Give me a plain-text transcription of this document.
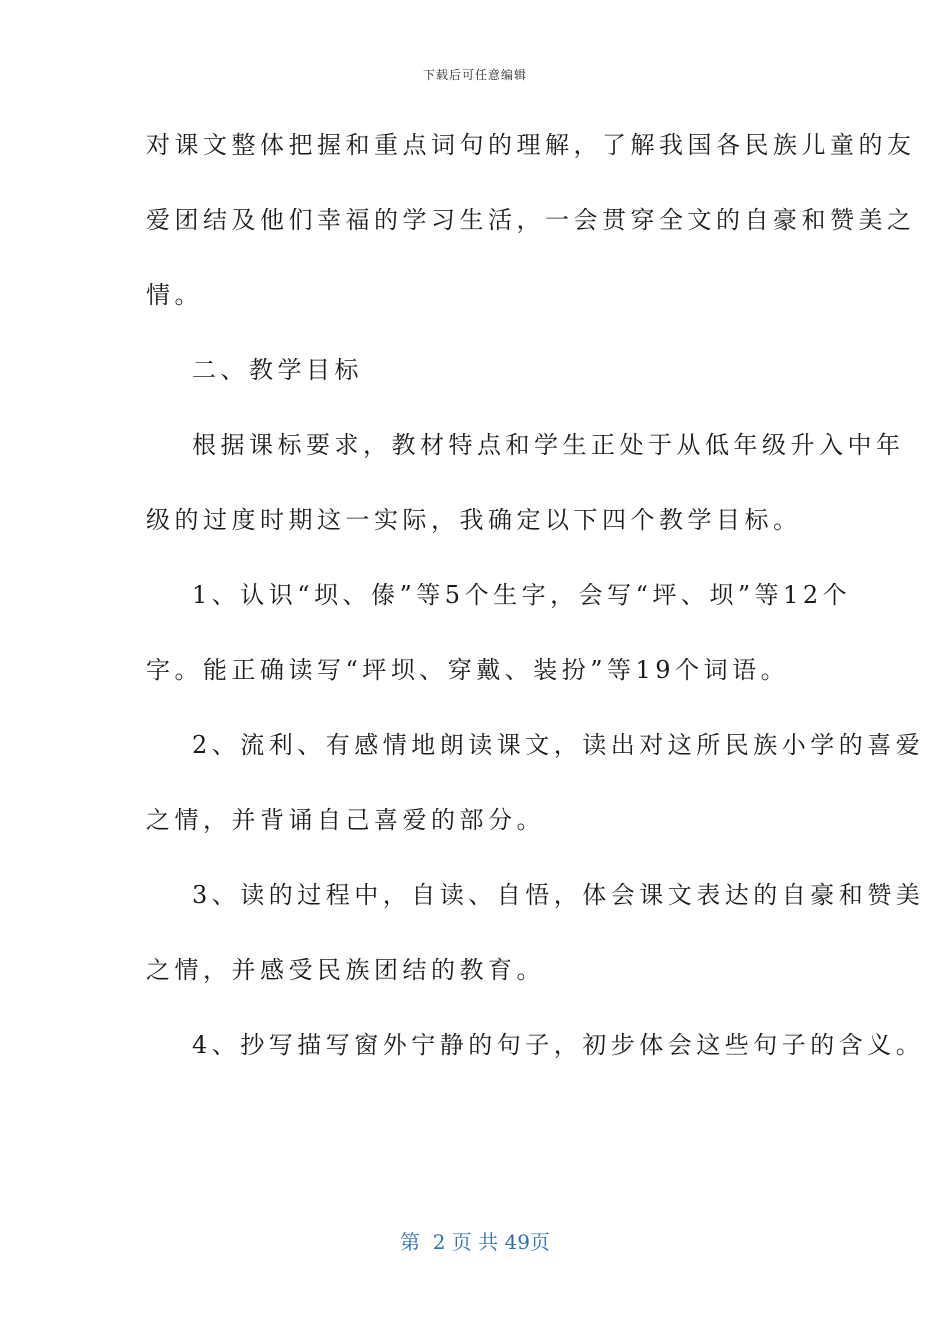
下载后可任意编辑
对课文整体把握和重点词句的理解，了解我国各民族儿童的友
爱团结及他们幸福的学习生活，一会贯穿全文的自豪和赞美之
情。
二、教学目标
根据课标要求，教材特点和学生正处于从低年级升入中年
级的过度时期这一实际，我确定以下四个教学目标。
1、认识“坝、傣”等5个生字，会写“坪、坝”等12个
字。能正确读写“坪坝、穿戴、装扮”等19个词语。
2、流利、有感情地朗读课文，读出对这所民族小学的喜爱
之情，并背诵自己喜爱的部分。
3、读的过程中，自读、自悟，体会课文表达的自豪和赞美
之情，并感受民族团结的教育。
4、抄写描写窗外宁静的句子，初步体会这些句子的含义。
第  2 页 共 49页
